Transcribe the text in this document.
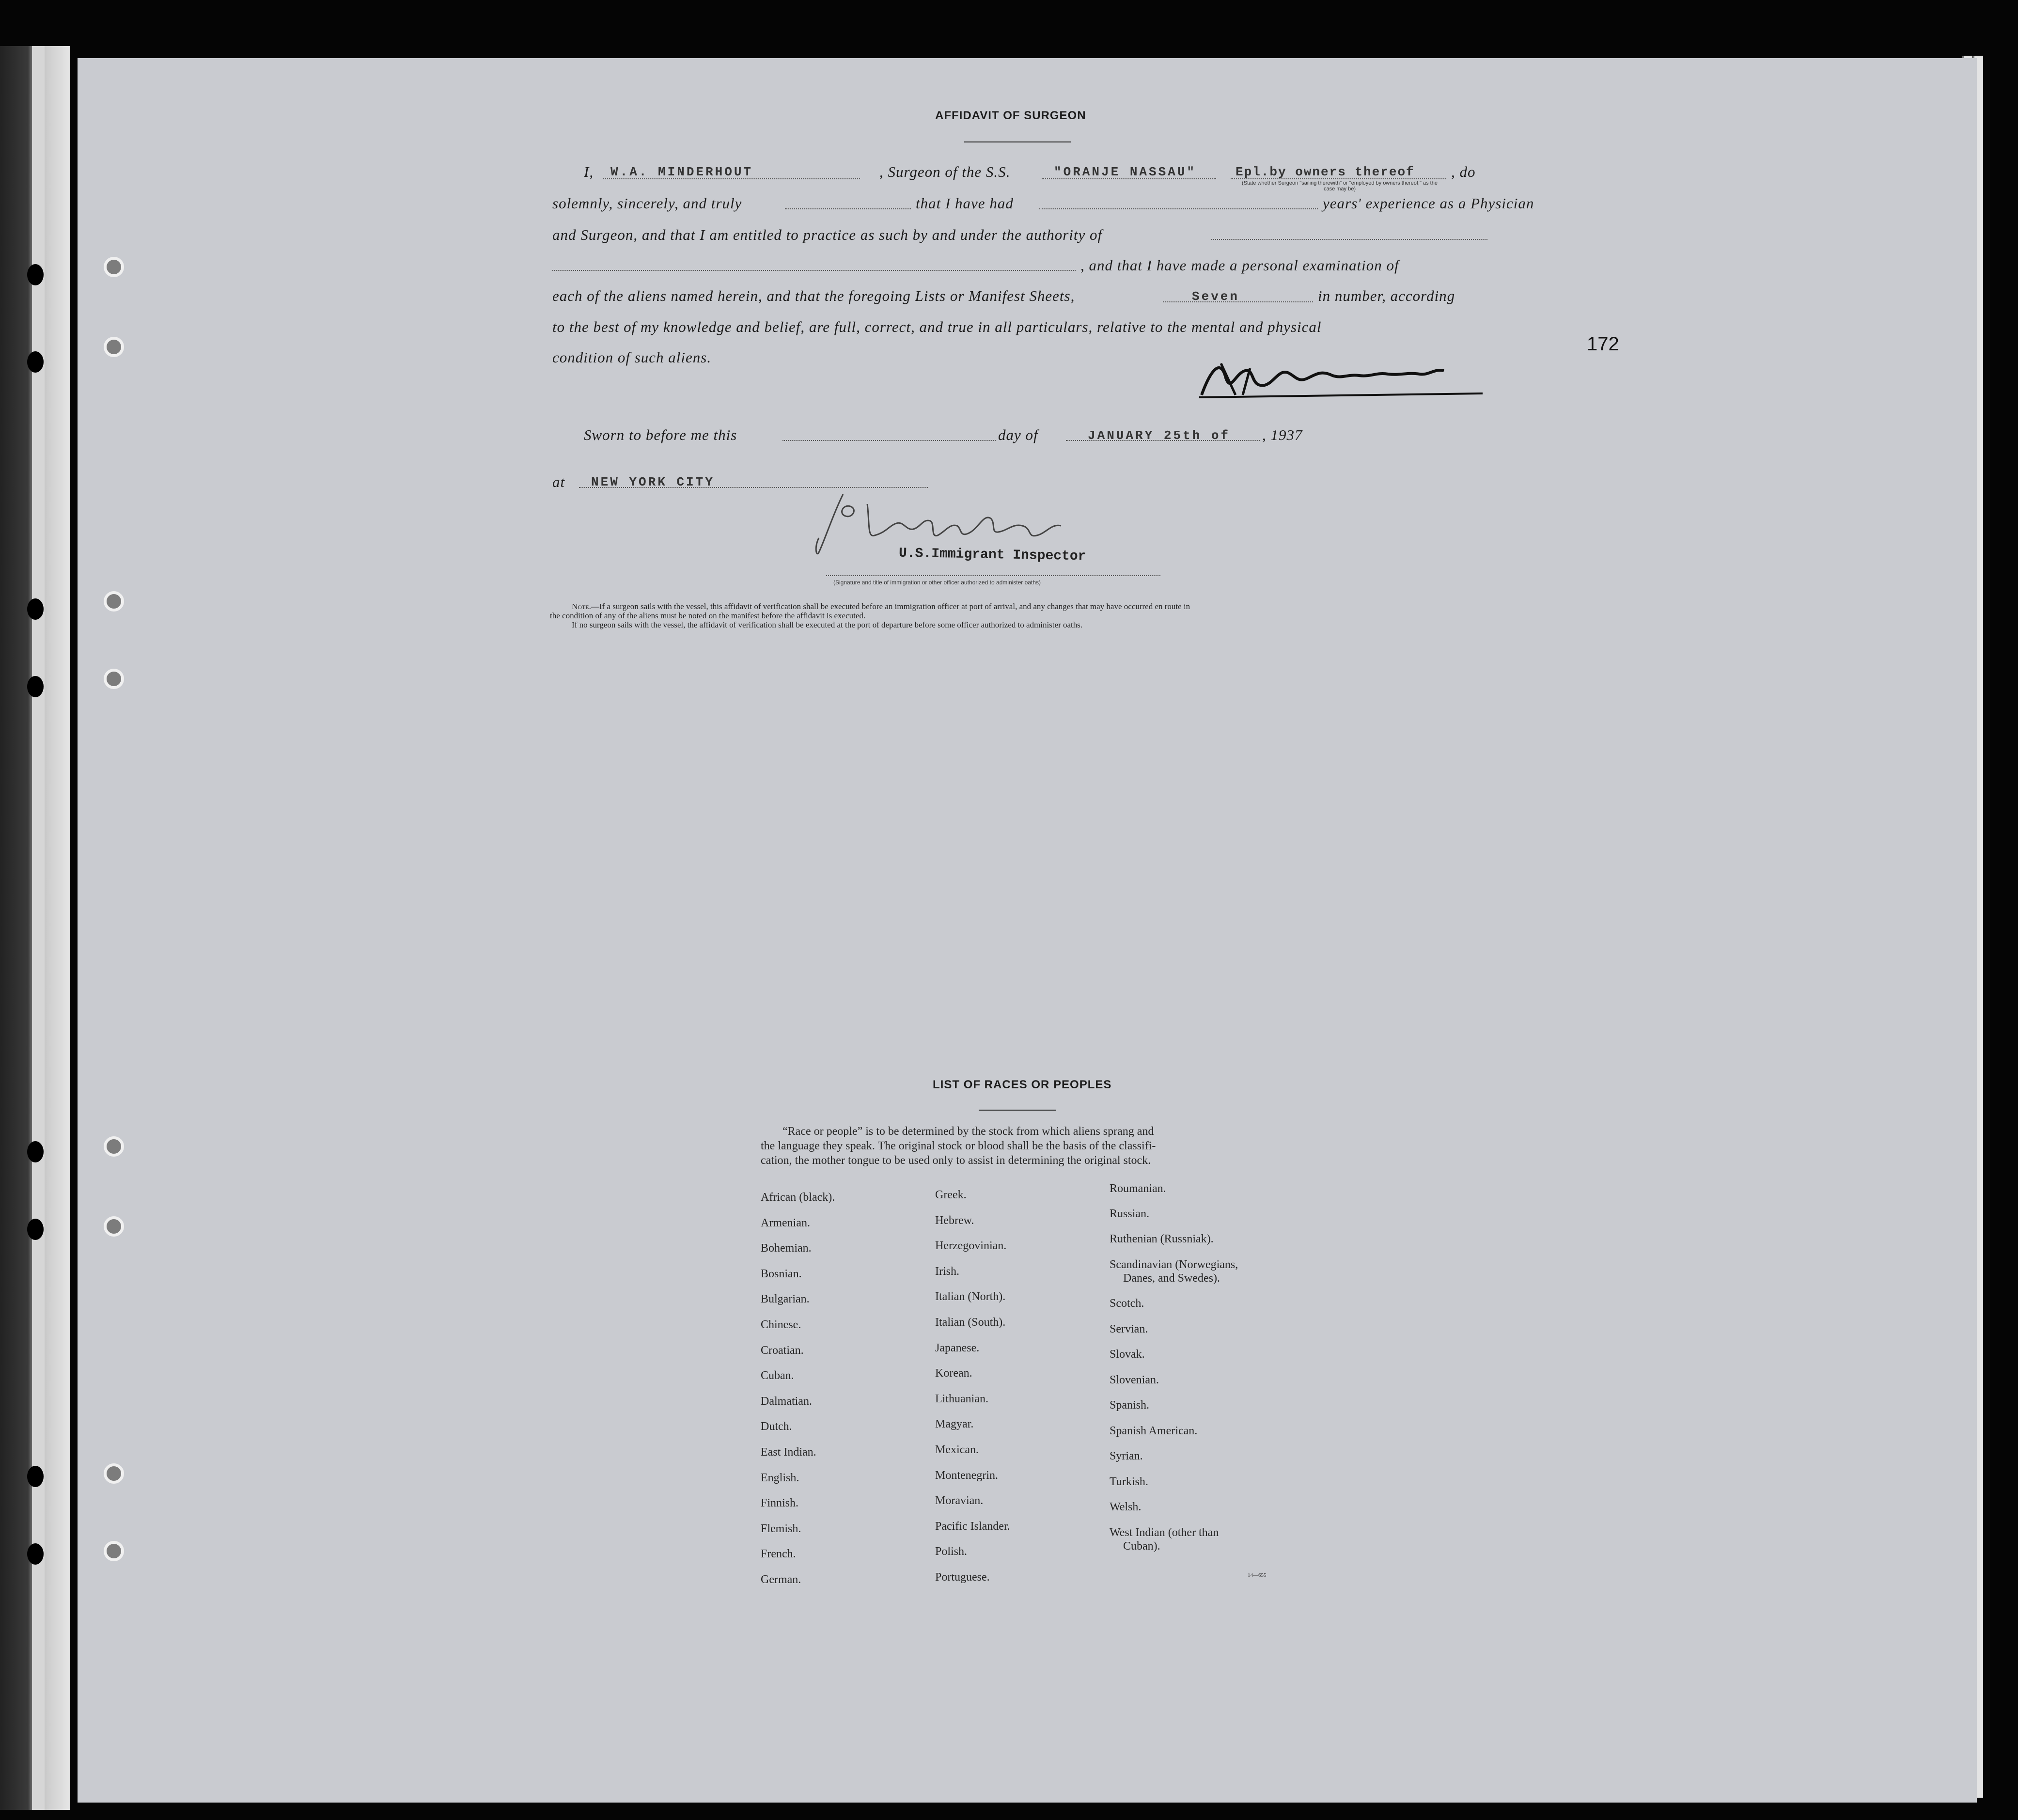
AFFIDAVIT OF SURGEON
I, W.A. MINDERHOUT	, Surgeon of the S.S.	"ORANJE NASSAU"	Epl.by owners thereof , do
(State whether Surgeon "sailing therewith" or "employed by owners thereof," as the case may be)
solemnly, sincerely, and truly	that I have had	years' experience as a Physician
and Surgeon, and that I am entitled to practice as such by and under the authority of
, and that I have made a personal examination of
each of the aliens named herein, and that the foregoing Lists or Manifest Sheets,	Seven	in number, according
to the best of my knowledge and belief, are full, correct, and true in all particulars, relative to the mental and physical
condition of such aliens.
172
Sworn to before me this	day of	JANUARY 25th of , 1937
at NEW YORK CITY
U.S.Immigrant Inspector
(Signature and title of immigration or other officer authorized to administer oaths)
Note.—If a surgeon sails with the vessel, this affidavit of verification shall be executed before an immigration officer at port of arrival, and any changes that may have occurred en route in
the condition of any of the aliens must be noted on the manifest before the affidavit is executed.
If no surgeon sails with the vessel, the affidavit of verification shall be executed at the port of departure before some officer authorized to administer oaths.
LIST OF RACES OR PEOPLES
“Race or people” is to be determined by the stock from which aliens sprang and
the language they speak. The original stock or blood shall be the basis of the classifi-
cation, the mother tongue to be used only to assist in determining the original stock.
African (black).
Armenian.
Bohemian.
Bosnian.
Bulgarian.
Chinese.
Croatian.
Cuban.
Dalmatian.
Dutch.
East Indian.
English.
Finnish.
Flemish.
French.
German.
Greek.
Hebrew.
Herzegovinian.
Irish.
Italian (North).
Italian (South).
Japanese.
Korean.
Lithuanian.
Magyar.
Mexican.
Montenegrin.
Moravian.
Pacific Islander.
Polish.
Portuguese.
Roumanian.
Russian.
Ruthenian (Russniak).
Scandinavian (Norwegians,
Danes, and Swedes).
Scotch.
Servian.
Slovak.
Slovenian.
Spanish.
Spanish American.
Syrian.
Turkish.
Welsh.
West Indian (other than
Cuban).
14—655
